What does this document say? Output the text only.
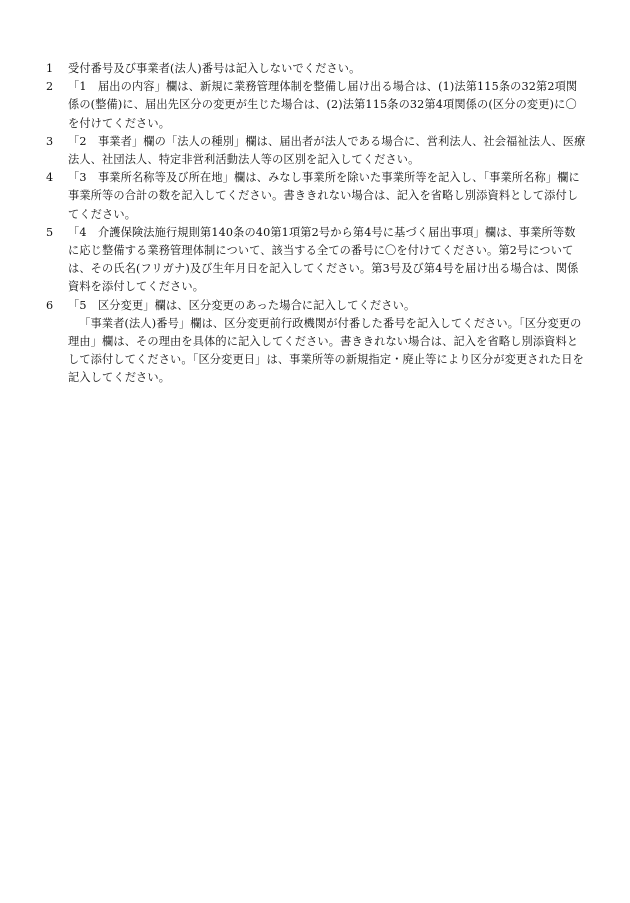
1	受付番号及び事業者(法人)番号は記入しないでください。
2	「1　届出の内容」欄は、新規に業務管理体制を整備し届け出る場合は、(1)法第115条の32第2項関係の(整備)に、届出先区分の変更が生じた場合は、(2)法第115条の32第4項関係の(区分の変更)に〇を付けてください。
3	「2　事業者」欄の「法人の種別」欄は、届出者が法人である場合に、営利法人、社会福祉法人、医療法人、社団法人、特定非営利活動法人等の区別を記入してください。
4	「3　事業所名称等及び所在地」欄は、みなし事業所を除いた事業所等を記入し、「事業所名称」欄に事業所等の合計の数を記入してください。書ききれない場合は、記入を省略し別添資料として添付してください。
5	「4　介護保険法施行規則第140条の40第1項第2号から第4号に基づく届出事項」欄は、事業所等数に応じ整備する業務管理体制について、該当する全ての番号に〇を付けてください。第2号については、その氏名(フリガナ)及び生年月日を記入してください。第3号及び第4号を届け出る場合は、関係資料を添付してください。
6	「5　区分変更」欄は、区分変更のあった場合に記入してください。
「事業者(法人)番号」欄は、区分変更前行政機関が付番した番号を記入してください。「区分変更の理由」欄は、その理由を具体的に記入してください。書ききれない場合は、記入を省略し別添資料として添付してください。「区分変更日」は、事業所等の新規指定・廃止等により区分が変更された日を記入してください。
